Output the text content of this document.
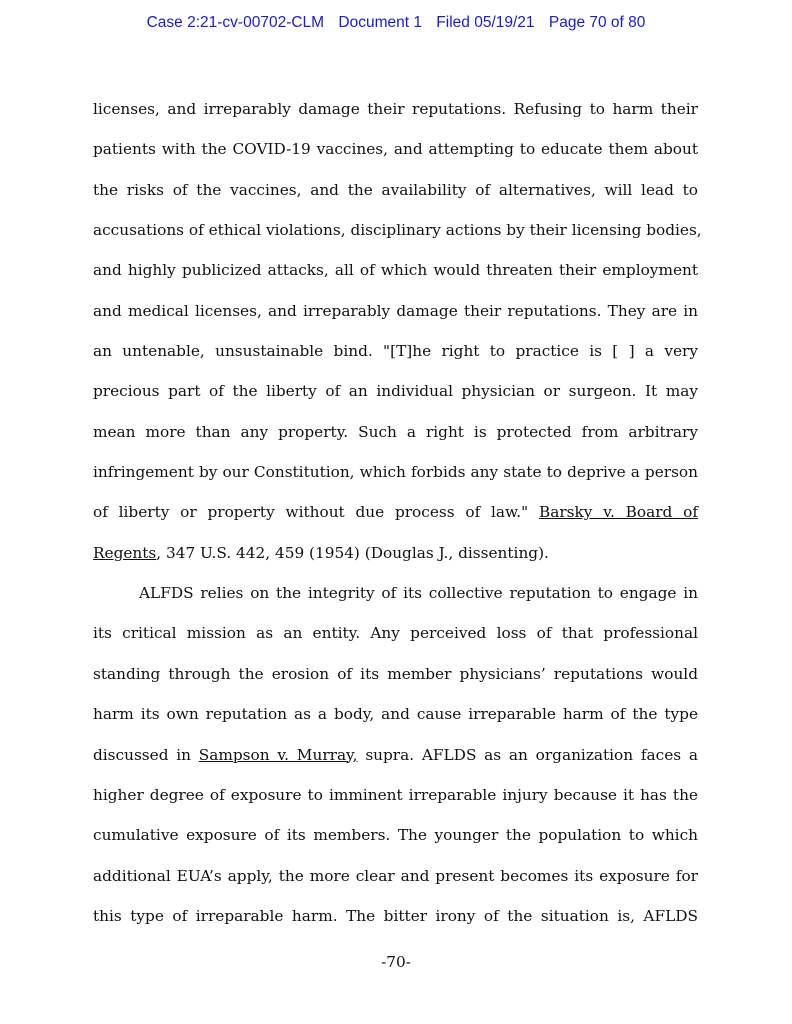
Case 2:21-cv-00702-CLM Document 1 Filed 05/19/21 Page 70 of 80
licenses, and irreparably damage their reputations. Refusing to harm their
patients with the COVID-19 vaccines, and attempting to educate them about
the risks of the vaccines, and the availability of alternatives, will lead to
accusations of ethical violations, disciplinary actions by their licensing bodies,
and highly publicized attacks, all of which would threaten their employment
and medical licenses, and irreparably damage their reputations. They are in
an untenable, unsustainable bind. "[T]he right to practice is [ ] a very
precious part of the liberty of an individual physician or surgeon. It may
mean more than any property. Such a right is protected from arbitrary
infringement by our Constitution, which forbids any state to deprive a person
of liberty or property without due process of law." Barsky v. Board of
Regents, 347 U.S. 442, 459 (1954) (Douglas J., dissenting).
ALFDS relies on the integrity of its collective reputation to engage in
its critical mission as an entity. Any perceived loss of that professional
standing through the erosion of its member physicians’ reputations would
harm its own reputation as a body, and cause irreparable harm of the type
discussed in Sampson v. Murray, supra. AFLDS as an organization faces a
higher degree of exposure to imminent irreparable injury because it has the
cumulative exposure of its members. The younger the population to which
additional EUA’s apply, the more clear and present becomes its exposure for
this type of irreparable harm. The bitter irony of the situation is, AFLDS
-70-
